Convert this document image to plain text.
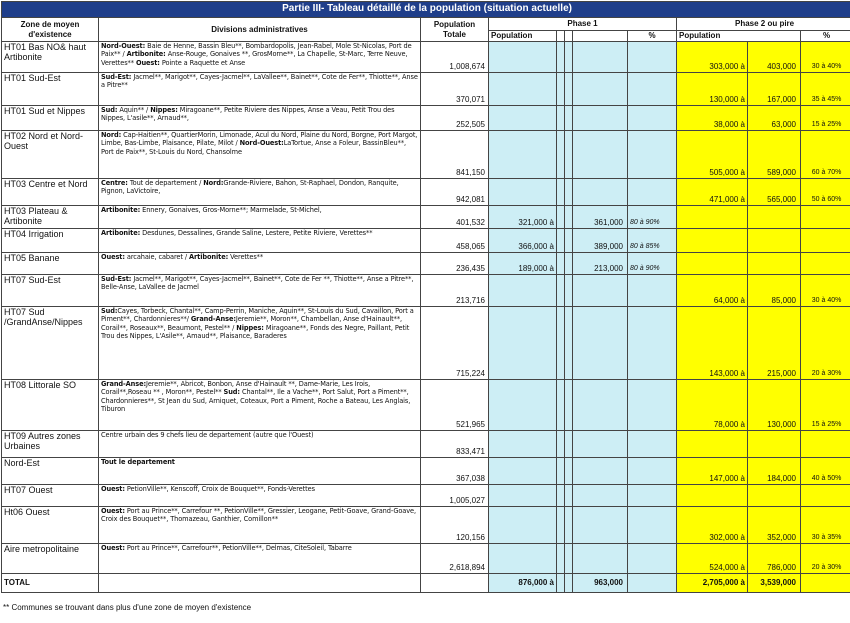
Partie III- Tableau détaillé de la population (situation actuelle)										
Zone de moyen d'existence	Divisions administratives	Population Totale	Phase 1					Phase 2 ou pire		
			Population				%	Population		%
HT01 Bas NO& haut Artibonite	Nord-Ouest: Baie de Henne, Bassin Bleu**, Bombardopolis, Jean-Rabel, Mole St-Nicolas, Port de Paix** / Artibonite: Anse-Rouge, Gonaives **, GrosMorne**, La Chapelle, St-Marc, Terre Neuve, Verettes** Ouest: Pointe a Raquette et Anse	1,008,674						303,000 à	403,000	30 à 40%
HT01 Sud-Est	Sud-Est: Jacmel**, Marigot**, Cayes-Jacmel**, LaVallee**, Bainet**, Cote de Fer**, Thiotte**, Anse a Pitre**	370,071						130,000 à	167,000	35 à 45%
HT01 Sud et Nippes	Sud: Aquin** / Nippes: Miragoane**, Petite Riviere des Nippes, Anse a Veau, Petit Trou des Nippes, L'asile**, Arnaud**,	252,505						38,000 à	63,000	15 à 25%
HT02 Nord et Nord-Ouest	Nord: Cap-Haitien**, QuartierMorin, Limonade, Acul du Nord, Plaine du Nord, Borgne, Port Margot, Limbe, Bas-Limbe, Plaisance, Pilate, Milot / Nord-Ouest:LaTortue, Anse a Foleur, BassinBleu**, Port de Paix**, St-Louis du Nord, Chansolme	841,150						505,000 à	589,000	60 à 70%
HT03 Centre et Nord	Centre: Tout de departement / Nord:Grande-Riviere, Bahon, St-Raphael, Dondon, Ranquite, Pignon, LaVictoire,	942,081						471,000 à	565,000	50 à 60%
HT03 Plateau & Artibonite	Artibonite: Ennery, Gonaives, Gros-Morne**; Marmelade, St-Michel,	401,532	321,000 à			361,000	80 à 90%			
HT04 Irrigation	Artibonite: Desdunes, Dessalines, Grande Saline, Lestere, Petite Riviere, Verettes**	458,065	366,000 à			389,000	80 à 85%			
HT05 Banane	Ouest: arcahaie, cabaret / Artibonite: Verettes**	236,435	189,000 à			213,000	80 à 90%			
HT07 Sud-Est	Sud-Est: Jacmel**, Marigot**, Cayes-Jacmel**, Bainet**, Cote de Fer **, Thiotte**, Anse a Pitre**, Belle-Anse, LaVallee de Jacmel	213,716						64,000 à	85,000	30 à 40%
HT07 Sud /GrandAnse/Nippes	Sud:Cayes, Torbeck, Chantal**, Camp-Perrin, Maniche, Aquin**, St-Louis du Sud, Cavaillon, Port a Piment**, Chardonnieres**/ Grand-Anse:Jeremie**, Moron**, Chambellan, Anse d'Hainault**, Corail**, Roseaux**, Beaumont, Pestel** / Nippes: Miragoane**, Fonds des Negre, Paillant, Petit Trou des Nippes, L'Asile**, Amaud**, Plaisance, Baraderes	715,224						143,000 à	215,000	20 à 30%
HT08 Littorale SO	Grand-Anse:Jeremie**, Abricot, Bonbon, Anse d'Hainault **, Dame-Marie, Les Irois, Corail**,Roseau ** , Moron**, Pestel** Sud: Chantal**, Ile a Vache**, Port Salut, Port a Piment**, Chardonnieres**, St Jean du Sud, Arniquet, Coteaux, Port a Piment, Roche a Bateau, Les Anglais, Tiburon	521,965						78,000 à	130,000	15 à 25%
HT09 Autres zones Urbaines	Centre urbain des 9 chefs lieu de departement (autre que l'Ouest)	833,471								
Nord-Est	Tout le departement	367,038						147,000 à	184,000	40 à 50%
HT07 Ouest	Ouest: PetionVille**, Kenscoff, Croix de Bouquet**, Fonds-Verettes	1,005,027								
Ht06 Ouest	Ouest: Port au Prince**, Carrefour **, PetionVille**, Gressier, Leogane, Petit-Goave, Grand-Goave, Croix des Bouquet**, Thomazeau, Ganthier, Comillon**	120,156						302,000 à	352,000	30 à 35%
Aire metropolitaine	Ouest: Port au Prince**, Carrefour**, PetionVille**, Delmas, CiteSoleil, Tabarre	2,618,894						524,000 à	786,000	20 à 30%
TOTAL			876,000 à			963,000		2,705,000 à	3,539,000	
** Communes se trouvant dans plus d'une zone de moyen d'existence
